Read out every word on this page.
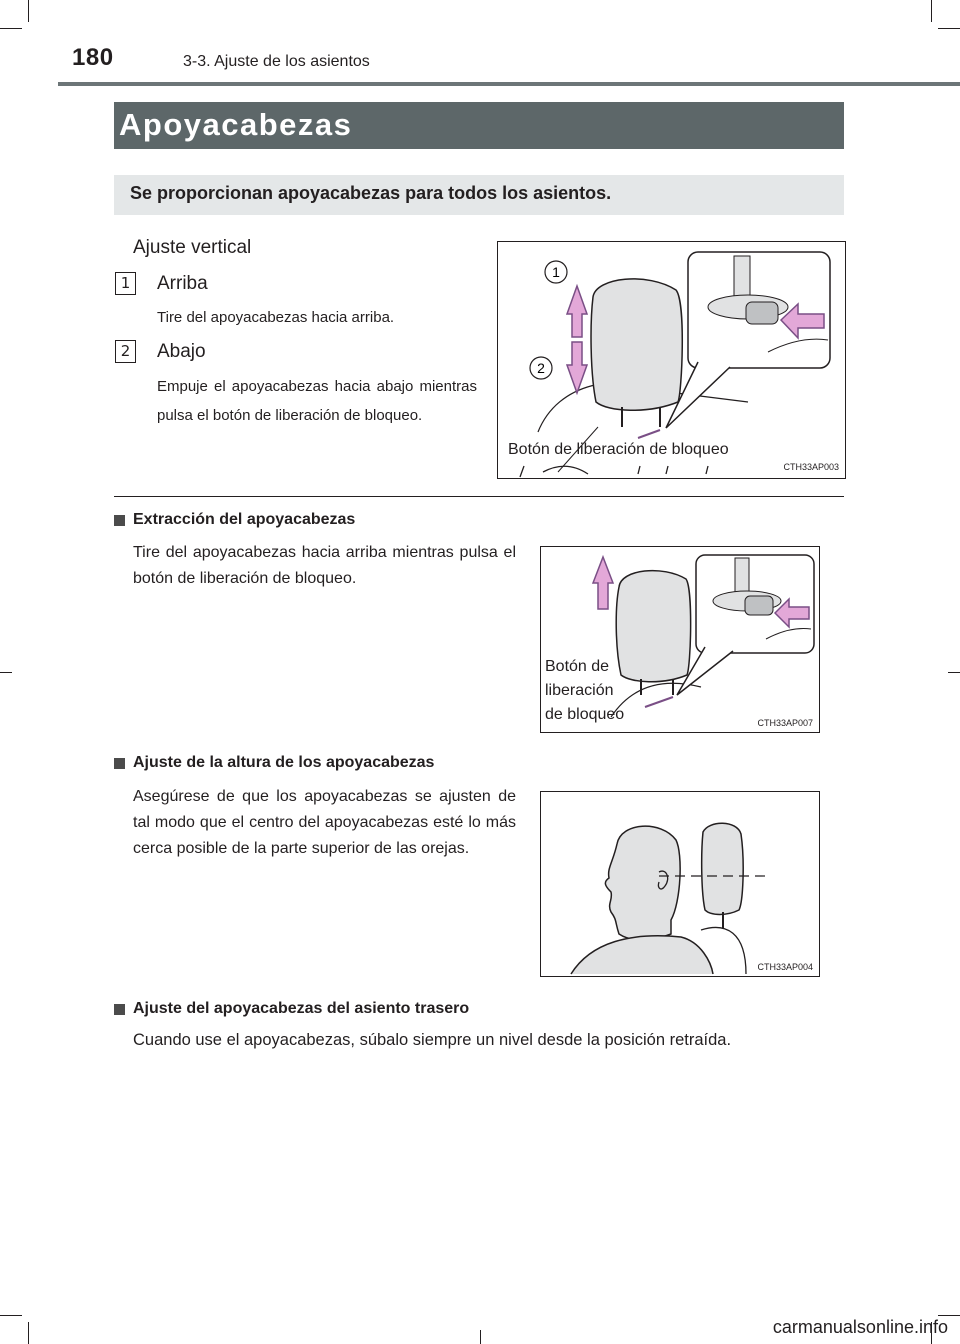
180	3-3. Ajuste de los asientos
Apoyacabezas
Se proporcionan apoyacabezas para todos los asientos.
Ajuste vertical
1	Arriba
Tire del apoyacabezas hacia arriba.
2	Abajo
Empuje el apoyacabezas hacia abajo mientras pulsa el botón de liberación de bloqueo.
1
2
Botón de liberación de bloqueo
CTH33AP003
Extracción del apoyacabezas
Tire del apoyacabezas hacia arriba mientras pulsa el botón de liberación de bloqueo.
Botón de
liberación
de bloqueo	CTH33AP007
Ajuste de la altura de los apoyacabezas
Asegúrese de que los apoyacabezas se ajusten de tal modo que el centro del apoyacabezas esté lo más cerca posible de la parte superior de las orejas.
CTH33AP004
Ajuste del apoyacabezas del asiento trasero
Cuando use el apoyacabezas, súbalo siempre un nivel desde la posición retraída.
carmanualsonline.info
